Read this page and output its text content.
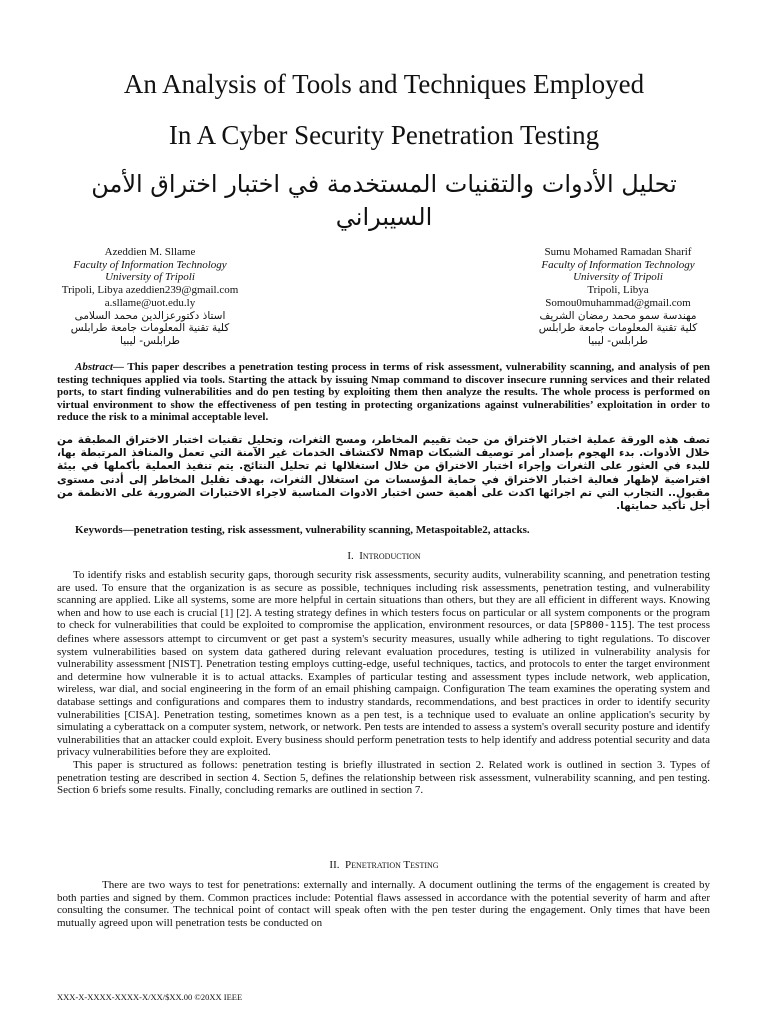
An Analysis of Tools and Techniques Employed
In A Cyber Security Penetration Testing
تحليل الأدوات والتقنيات المستخدمة في اختبار اختراق الأمن السيبراني
Azeddien M. Sllame
Faculty of Information Technology
University of Tripoli
Tripoli, Libya azeddien239@gmail.com
a.sllame@uot.edu.ly
استاذ دكتورعزالدين محمد السلامى
كلية تقنية المعلومات جامعة طرابلس
طرابلس- ليبيا
Sumu Mohamed Ramadan Sharif
Faculty of Information Technology
University of Tripoli
Tripoli, Libya
Somou0muhammad@gmail.com
مهندسة سمو محمد رمضان الشريف
كلية تقنية المعلومات جامعة طرابلس
طرابلس- ليبيا
Abstract— This paper describes a penetration testing process in terms of risk assessment, vulnerability scanning, and analysis of pen testing techniques applied via tools. Starting the attack by issuing Nmap command to discover insecure running services and their related ports, to start finding vulnerabilities and do pen testing by exploiting them then analyze the results. The whole process is performed on virtual environment to show the effectiveness of pen testing in protecting organizations against vulnerabilities’ exploitation in order to reduce the risk to a minimal acceptable level.
تصف هذه الورقة عملية اختبار الاختراق من حيث تقييم المخاطر، ومسح الثغرات، وتحليل تقنيات اختبار الاختراق المطبقة من خلال الأدوات. بدء الهجوم بإصدار أمر توصيف الشبكات Nmap لاكتشاف الخدمات غير الآمنة التي تعمل والمنافذ المرتبطة بها، للبدء في العثور على الثغرات وإجراء اختبار الاختراق من خلال استغلالها ثم تحليل النتائج. يتم تنفيذ العملية بأكملها في بيئة افتراضية لإظهار فعالية اختبار الاختراق في حماية المؤسسات من استغلال الثغرات، بهدف تقليل المخاطر إلى أدنى مستوى مقبول.. التجارب التي تم اجرائها اكدت على أهمية حسن اختبار الادوات المناسبة لاجراء الاختبارات الضرورية على الانظمة من أجل تأكيد حمايتها.
Keywords—penetration testing, risk assessment, vulnerability scanning, Metaspoitable2, attacks.
I. Introduction

To identify risks and establish security gaps, thorough security risk assessments, security audits, vulnerability scanning, and penetration testing are used. To ensure that the organization is as secure as possible, techniques including risk assessments, penetration testing, and vulnerability scanning are applied. Like all systems, some are more helpful in certain situations than others, but they are all efficient in different ways. Knowing when and how to use each is crucial [1] [2]. A testing strategy defines in which testers focus on particular or all system components or the program to check for vulnerabilities that could be exploited to compromise the application, environment resources, or data [SP800-115]. The test process defines where assessors attempt to circumvent or get past a system's security measures, usually while adhering to tight regulations. To discover system vulnerabilities based on system data gathered during relevant evaluation procedures, testing is utilized in vulnerability analysis for vulnerability assessment [NIST]. Penetration testing employs cutting-edge, useful techniques, tactics, and protocols to enter the target environment and determine how vulnerable it is to actual attacks. Examples of particular testing and assessment types include network, web application, wireless, war dial, and social engineering in the form of an email phishing campaign. Configuration The team examines the operating system and database settings and configurations and compares them to industry standards, recommendations, and best practices in order to identify security vulnerabilities [CISA]. Penetration testing, sometimes known as a pen test, is a technique used to evaluate an online application's security by simulating a cyberattack on a computer system, network, or network. Pen tests are intended to assess a system's overall security posture and identify vulnerabilities that an attacker could exploit. Every business should perform penetration tests to help identify and address potential security and data privacy vulnerabilities before they are exploited.

This paper is structured as follows: penetration testing is briefly illustrated in section 2. Related work is outlined in section 3. Types of penetration testing are described in section 4. Section 5, defines the relationship between risk assessment, vulnerability scanning, and pen testing. Section 6 briefs some results. Finally, concluding remarks are outlined in section 7.

II. Penetration Testing

There are two ways to test for penetrations: externally and internally. A document outlining the terms of the engagement is created by both parties and signed by them. Common practices include: Potential flaws assessed in accordance with the potential severity of harm and after consulting the consumer. The technical point of contact will speak often with the pen tester during the engagement. Only times that have been mutually agreed upon will penetration tests be conducted on

XXX-X-XXXX-XXXX-X/XX/$XX.00 ©20XX IEEE
